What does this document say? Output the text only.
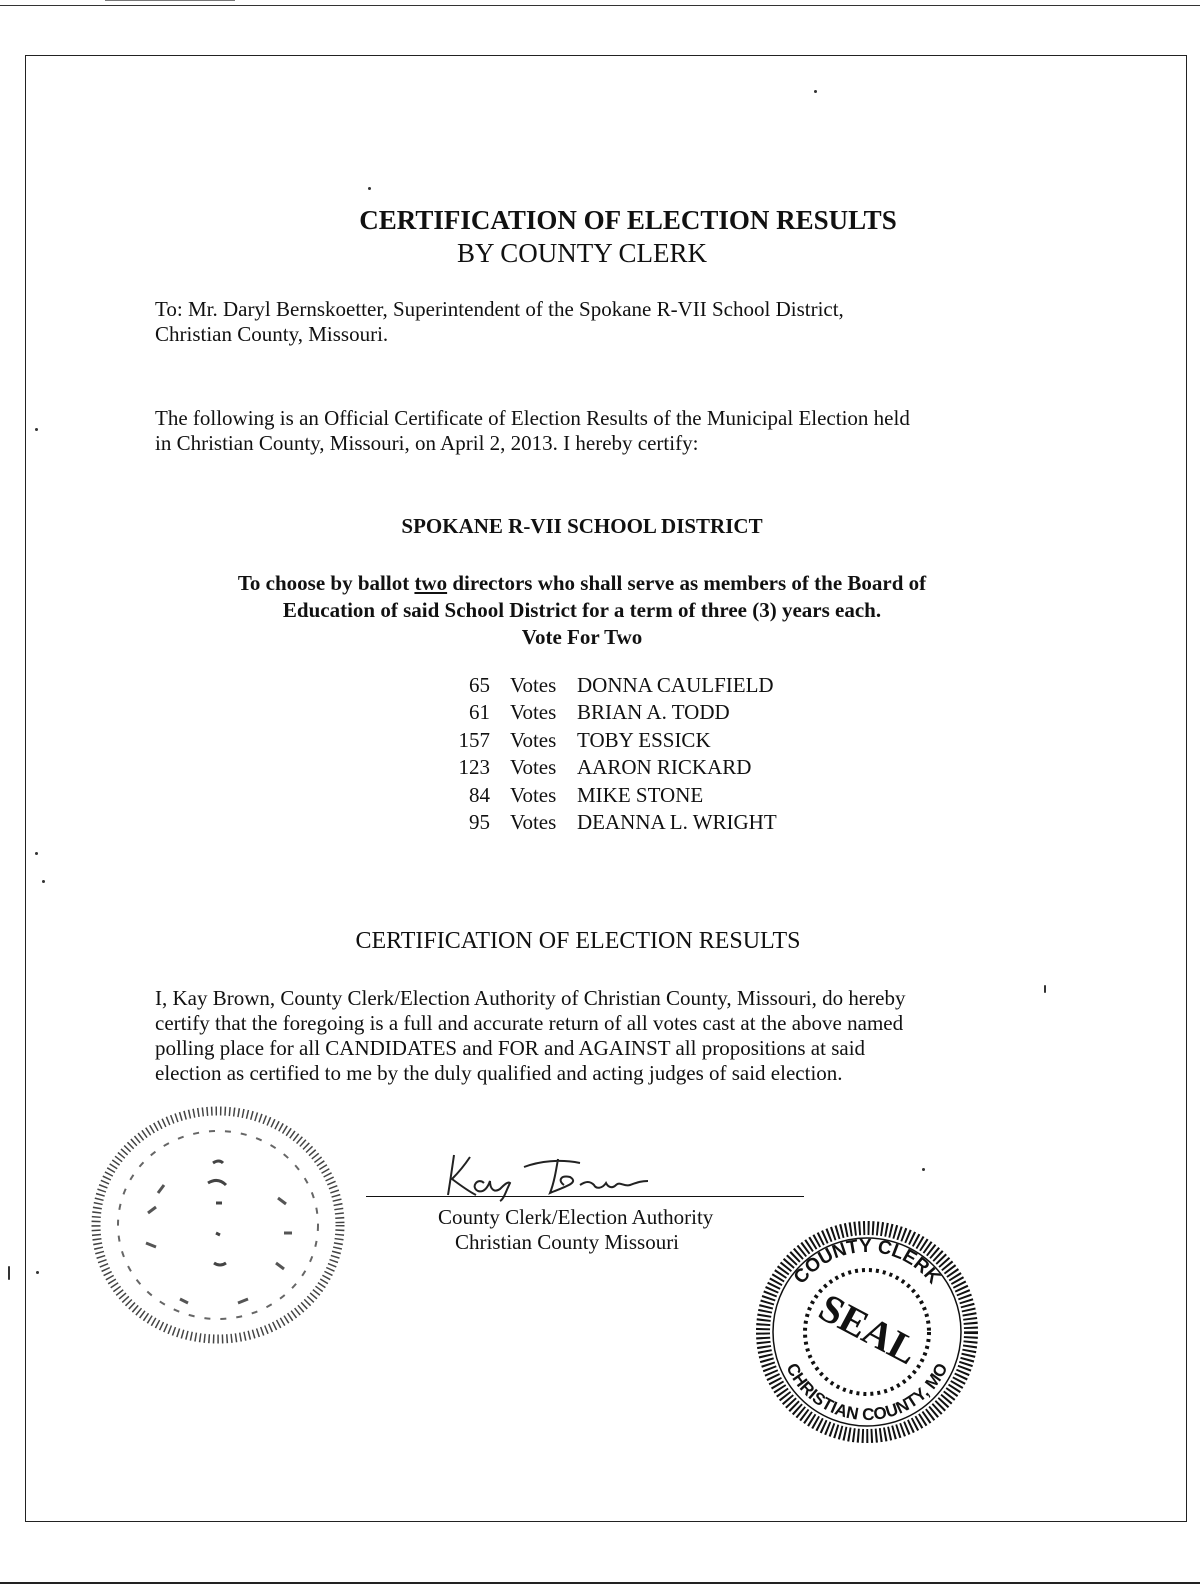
CERTIFICATION OF ELECTION RESULTS
BY COUNTY CLERK
To: Mr. Daryl Bernskoetter, Superintendent of the Spokane R-VII School District,
Christian County, Missouri.
The following is an Official Certificate of Election Results of the Municipal Election held
in Christian County, Missouri, on April 2, 2013. I hereby certify:
SPOKANE R-VII SCHOOL DISTRICT
To choose by ballot two directors who shall serve as members of the Board of
Education of said School District for a term of three (3) years each.
Vote For Two
65 Votes DONNA CAULFIELD
61 Votes BRIAN A. TODD
157 Votes TOBY ESSICK
123 Votes AARON RICKARD
84 Votes MIKE STONE
95 Votes DEANNA L. WRIGHT
CERTIFICATION OF ELECTION RESULTS
I, Kay Brown, County Clerk/Election Authority of Christian County, Missouri, do hereby
certify that the foregoing is a full and accurate return of all votes cast at the above named
polling place for all CANDIDATES and FOR and AGAINST all propositions at said
election as certified to me by the duly qualified and acting judges of said election.
County Clerk/Election Authority
Christian County Missouri
COUNTY CLERK
CHRISTIAN COUNTY, MO
SEAL
